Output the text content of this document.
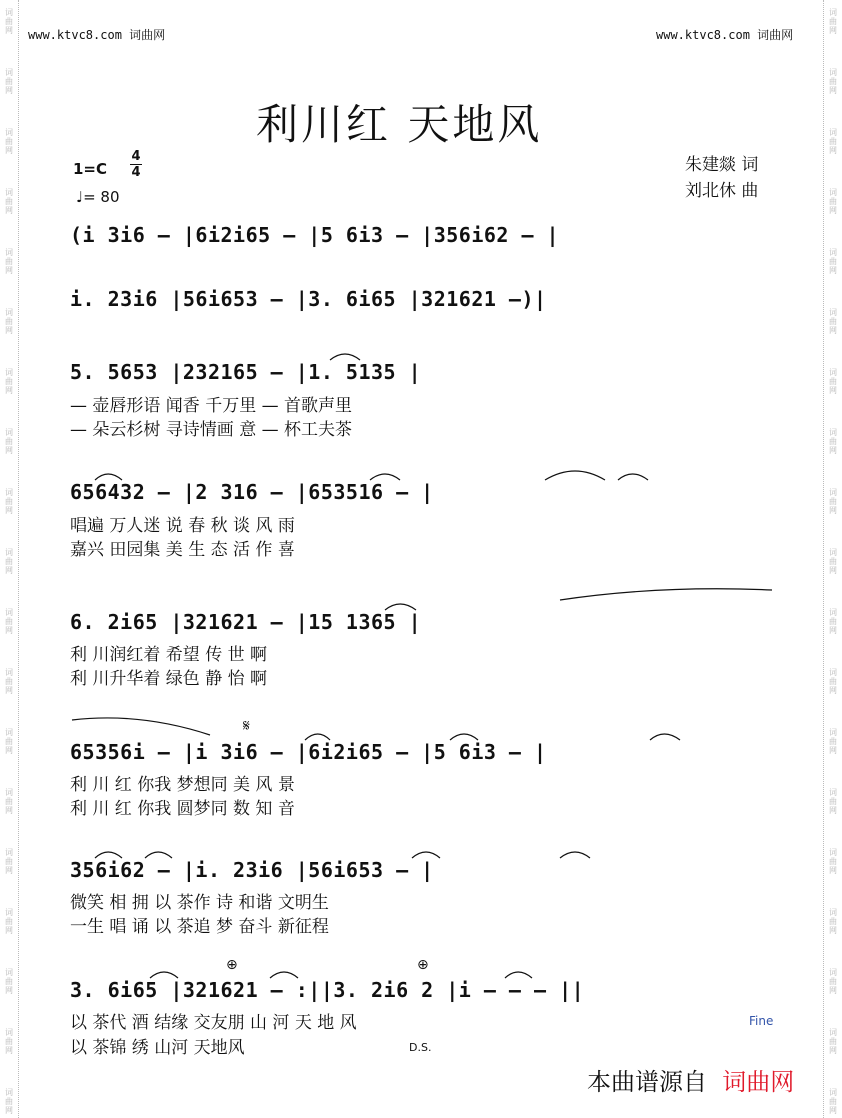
词曲网
词曲网
词曲网
词曲网
词曲网
词曲网
词曲网
词曲网
词曲网
词曲网
词曲网
词曲网
词曲网
词曲网
词曲网
词曲网
词曲网
词曲网
词曲网
词曲网
词曲网
词曲网
词曲网
词曲网
词曲网
词曲网
词曲网
词曲网
词曲网
词曲网
词曲网
词曲网
词曲网
词曲网
词曲网
词曲网
词曲网
词曲网
www.ktvc8.com 词曲网	www.ktvc8.com 词曲网
利川红 天地风
1=C
4
4
♩= 80
朱建燚 词
刘北休 曲
(i 3i6 – |6i2i65 – |5 6i3 – |356i62 – |
i. 23i6 |56i653 – |3. 6i65 |321621 –)|
5. 5653 |232165 – |1. 5135 |
— 壶唇形语 闻香 千万里 — 首歌声里
— 朵云杉树 寻诗情画 意 — 杯工夫茶
656432 – |2 316 – |653516 – |
唱遍 万人迷 说 春 秋 谈 风 雨
嘉兴 田园集 美 生 态 活 作 喜
6. 2i65 |321621 – |15 1365 |
利 川润红着 希望 传 世 啊
利 川升华着 绿色 静 怡 啊
65356i – |i 3i6 – |6i2i65 – |5 6i3 – |
利 川 红 你我 梦想同 美 风 景
利 川 红 你我 圆梦同 数 知 音
356i62 – |i. 23i6 |56i653 – |
微笑 相 拥 以 茶作 诗 和谐 文明生
一生 唱 诵 以 茶追 梦 奋斗 新征程
3. 6i65 |321621 – :||3. 2i6 2 |i – – – ||
以 茶代 酒 结缘 交友朋 山 河 天 地 风
以 茶锦 绣 山河 天地风
𝄋
⊕	⊕
D.S.
Fine
本曲谱源自 词曲网
